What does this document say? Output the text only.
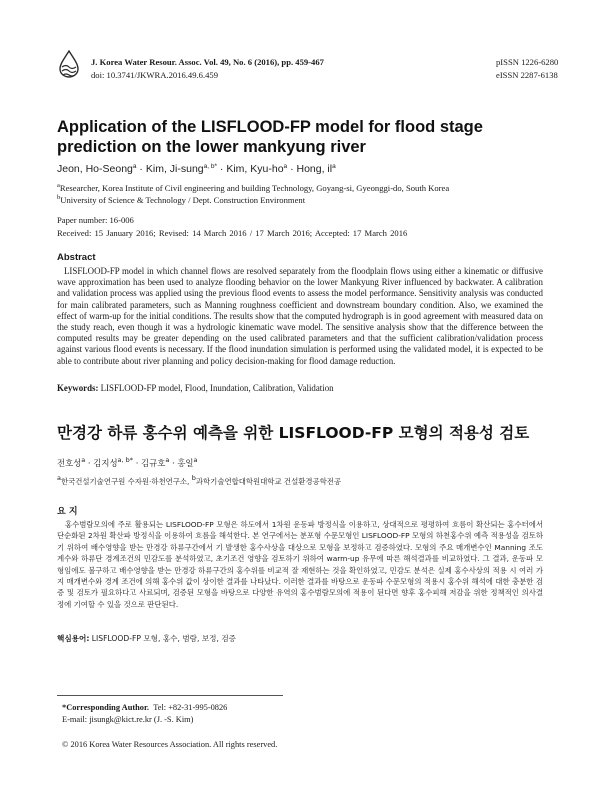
J. Korea Water Resour. Assoc. Vol. 49, No. 6 (2016), pp. 459-467
doi: 10.3741/JKWRA.2016.49.6.459
pISSN 1226-6280
eISSN 2287-6138
Application of the LISFLOOD-FP model for flood stage prediction on the lower mankyung river
Jeon, Ho-Seong$^a$ · Kim, Ji-sung$^{a, b*}$ · Kim, Kyu-$ho^a$ · Hong, $il^a$
$^a$Researcher, Korea Institute of Civil engineering and building Technology, Goyang-si, Gyeonggi-do, South Korea
$^b$University of Science & Technology / Dept. Construction Environment
Paper number: 16-006
Received: 15 January 2016; Revised: 14 March 2016 / 17 March 2016; Accepted: 17 March 2016
Abstract
LISFLOOD-FP model in which channel flows are resolved separately from the floodplain flows using either a kinematic or diffusive wave approximation has been used to analyze flooding behavior on the lower Mankyung River influenced by backwater. A calibration and validation process was applied using the previous flood events to assess the model performance. Sensitivity analysis was conducted for main calibrated parameters, such as Manning roughness coefficient and downstream boundary condition. Also, we examined the effect of warm-up for the initial conditions. The results show that the computed hydrograph is in good agreement with measured data on the study reach, even though it was a hydrologic kinematic wave model. The sensitive analysis show that the difference between the computed results may be greater depending on the used calibrated parameters and that the sufficient calibration/validation process against various flood events is necessary. If the flood inundation simulation is performed using the validated model, it is expected to be able to contribute about river planning and policy decision-making for flood damage reduction.
Keywords: LISFLOOD-FP model, Flood, Inundation, Calibration, Validation
만경강 하류 홍수위 예측을 위한 LISFLOOD-FP 모형의 적용성 검토
전호성$^a$ · 김지성$^{a, b*}$ · 김규호$^a$ · 홍일$^a$
$^a$한국건설기술연구원 수자원·하천연구소, $^b$과학기술연합대학원대학교 건설환경공학전공
요 지
홍수범람모의에 주로 활용되는 LISFLOOD-FP 모형은 하도에서 1차원 운동파 방정식을 이용하고, 상대적으로 평평하여 흐름이 확산되는 홍수터에서 단순화된 2차원 확산파 방정식을 이용하여 흐름을 해석한다. 본 연구에서는 분포형 수문모형인 LISFLOOD-FP 모형의 하천홍수위 예측 적용성을 검토하기 위하여 배수영향을 받는 만경강 하류구간에서 기 발생한 홍수사상을 대상으로 모형을 보정하고 검증하였다. 모형의 주요 매개변수인 Manning 조도계수와 하류단 경계조건의 민감도를 분석하였고, 초기조건 영향을 검토하기 위하여 warm-up 유무에 따른 해석결과를 비교하였다. 그 결과, 운동파 모형임에도 불구하고 배수영향을 받는 만경강 하류구간의 홍수위를 비교적 잘 재현하는 것을 확인하였고, 민감도 분석은 실제 홍수사상의 적용 시 여러 가지 매개변수와 경계 조건에 의해 홍수위 값이 상이한 결과를 나타났다. 이러한 결과를 바탕으로 운동파 수문모형의 적용시 홍수위 해석에 대한 충분한 검증 및 검토가 필요하다고 사료되며, 검증된 모형을 바탕으로 다양한 유역의 홍수범람모의에 적용이 된다면 향후 홍수피해 저감을 위한 정책적인 의사결정에 기여할 수 있을 것으로 판단된다.
핵심용어: LISFLOOD-FP 모형, 홍수, 범람, 보정, 검증
*Corresponding Author. Tel: +82-31-995-0826
E-mail: jisungk@kict.re.kr (J. -S. Kim)
© 2016 Korea Water Resources Association. All rights reserved.
